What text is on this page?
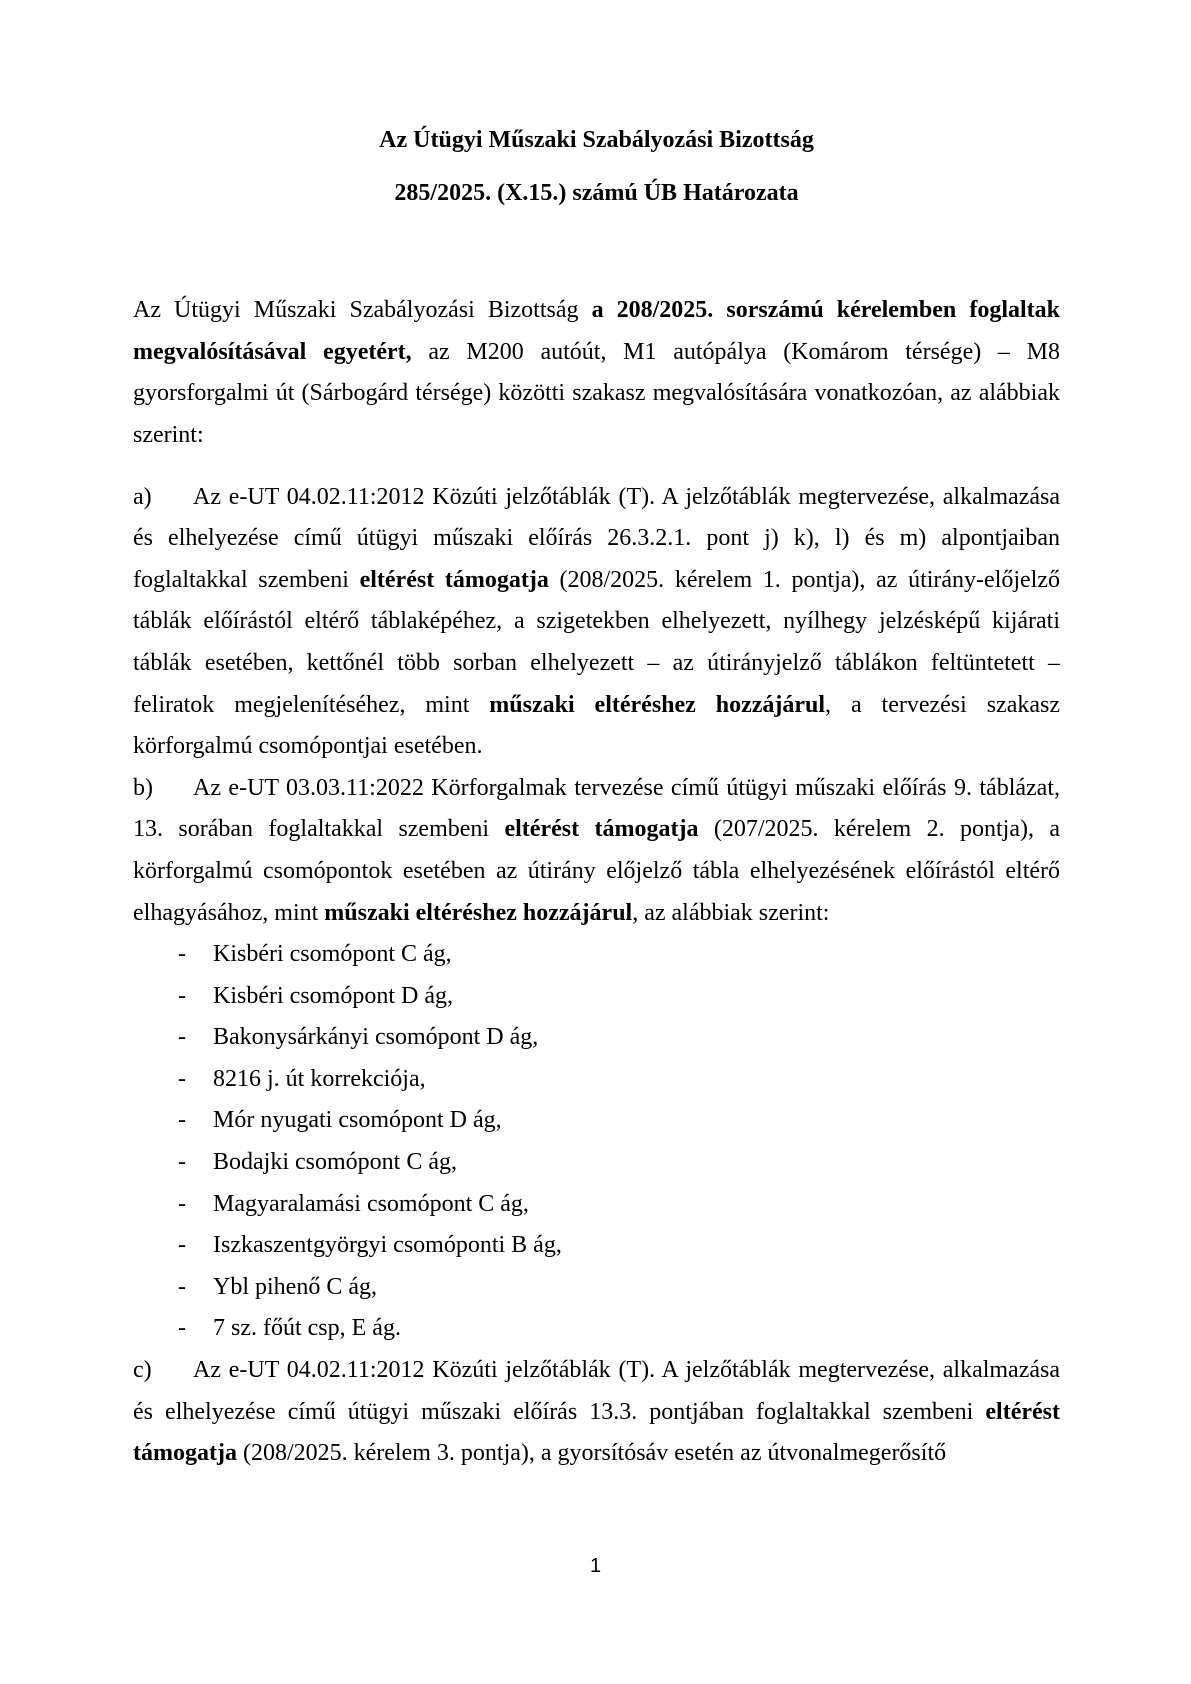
Az Útügyi Műszaki Szabályozási Bizottság

285/2025. (X.15.) számú ÚB Határozata

Az Útügyi Műszaki Szabályozási Bizottság a 208/2025. sorszámú kérelemben foglaltak megvalósításával egyetért, az M200 autóút, M1 autópálya (Komárom térsége) – M8 gyorsforgalmi út (Sárbogárd térsége) közötti szakasz megvalósítására vonatkozóan, az alábbiak szerint:

a) Az e-UT 04.02.11:2012 Közúti jelzőtáblák (T). A jelzőtáblák megtervezése, alkalmazása és elhelyezése című útügyi műszaki előírás 26.3.2.1. pont j) k), l) és m) alpontjaiban foglaltakkal szembeni eltérést támogatja (208/2025. kérelem 1. pontja), az útirány-előjelző táblák előírástól eltérő táblaképéhez, a szigetekben elhelyezett, nyílhegy jelzésképű kijárati táblák esetében, kettőnél több sorban elhelyezett – az útirányjelző táblákon feltüntetett – feliratok megjelenítéséhez, mint műszaki eltéréshez hozzájárul, a tervezési szakasz körforgalmú csomópontjai esetében.

b) Az e-UT 03.03.11:2022 Körforgalmak tervezése című útügyi műszaki előírás 9. táblázat, 13. sorában foglaltakkal szembeni eltérést támogatja (207/2025. kérelem 2. pontja), a körforgalmú csomópontok esetében az útirány előjelző tábla elhelyezésének előírástól eltérő elhagyásához, mint műszaki eltéréshez hozzájárul, az alábbiak szerint:

- Kisbéri csomópont C ág,
- Kisbéri csomópont D ág,
- Bakonysárkányi csomópont D ág,
- 8216 j. út korrekciója,
- Mór nyugati csomópont D ág,
- Bodajki csomópont C ág,
- Magyaralamási csomópont C ág,
- Iszkaszentgyörgyi csomóponti B ág,
- Ybl pihenő C ág,
- 7 sz. főút csp, E ág.

c) Az e-UT 04.02.11:2012 Közúti jelzőtáblák (T). A jelzőtáblák megtervezése, alkalmazása és elhelyezése című útügyi műszaki előírás 13.3. pontjában foglaltakkal szembeni eltérést támogatja (208/2025. kérelem 3. pontja), a gyorsítósáv esetén az útvonalmegerősítő

1
